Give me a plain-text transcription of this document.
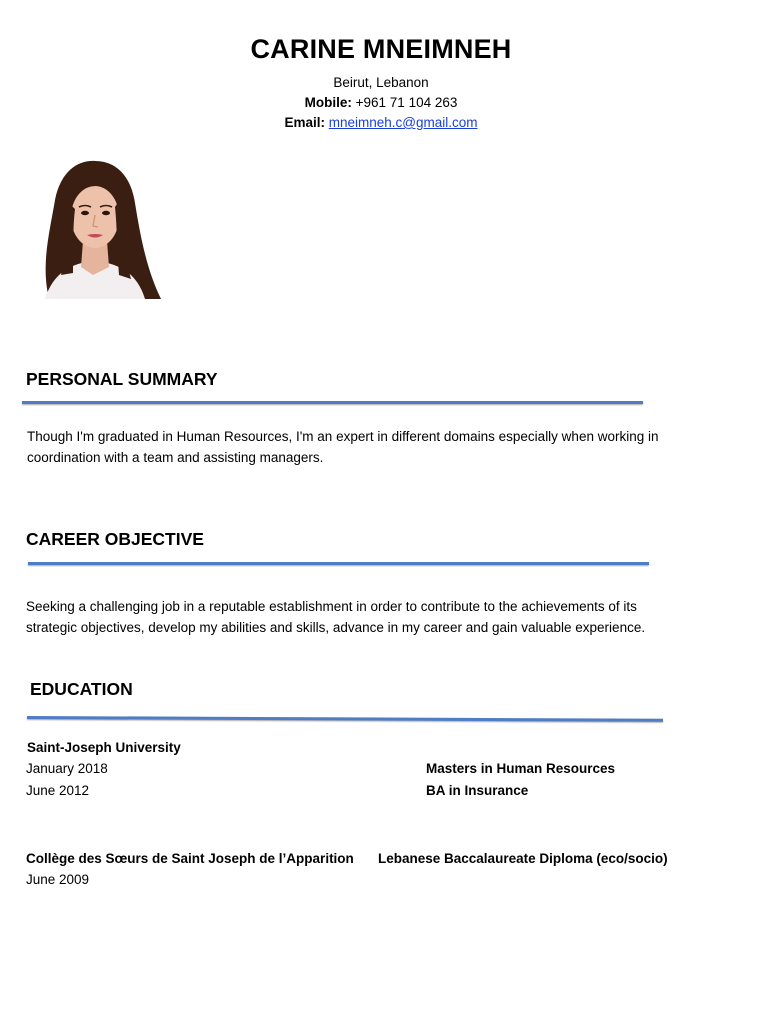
CARINE MNEIMNEH
Beirut, Lebanon
Mobile: +961 71 104 263
Email: mneimneh.c@gmail.com
PERSONAL SUMMARY
Though I'm graduated in Human Resources, I'm an expert in different domains especially when working in
coordination with a team and assisting managers.
CAREER OBJECTIVE
Seeking a challenging job in a reputable establishment in order to contribute to the achievements of its
strategic objectives, develop my abilities and skills, advance in my career and gain valuable experience.
EDUCATION
Saint-Joseph University
January 2018	Masters in Human Resources
June 2012	BA in Insurance
Collège des Sœurs de Saint Joseph de l’Apparition Lebanese Baccalaureate Diploma (eco/socio)
June 2009
